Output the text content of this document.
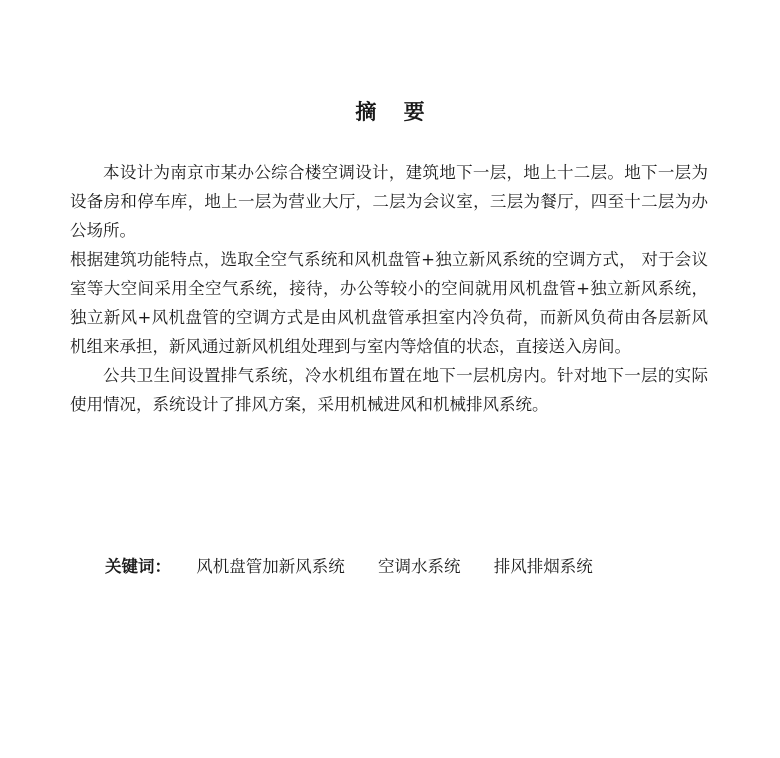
摘 要

本设计为南京市某办公综合楼空调设计，建筑地下一层，地上十二层。地下一层为设备房和停车库，地上一层为营业大厅，二层为会议室，三层为餐厅，四至十二层为办公场所。

根据建筑功能特点，选取全空气系统和风机盘管+独立新风系统的空调方式， 对于会议室等大空间采用全空气系统，接待，办公等较小的空间就用风机盘管+独立新风系统， 独立新风+风机盘管的空调方式是由风机盘管承担室内冷负荷，而新风负荷由各层新风机组来承担，新风通过新风机组处理到与室内等焓值的状态，直接送入房间。

公共卫生间设置排气系统，冷水机组布置在地下一层机房内。针对地下一层的实际使用情况，系统设计了排风方案，采用机械进风和机械排风系统。

关键词： 风机盘管加新风系统 空调水系统 排风排烟系统
